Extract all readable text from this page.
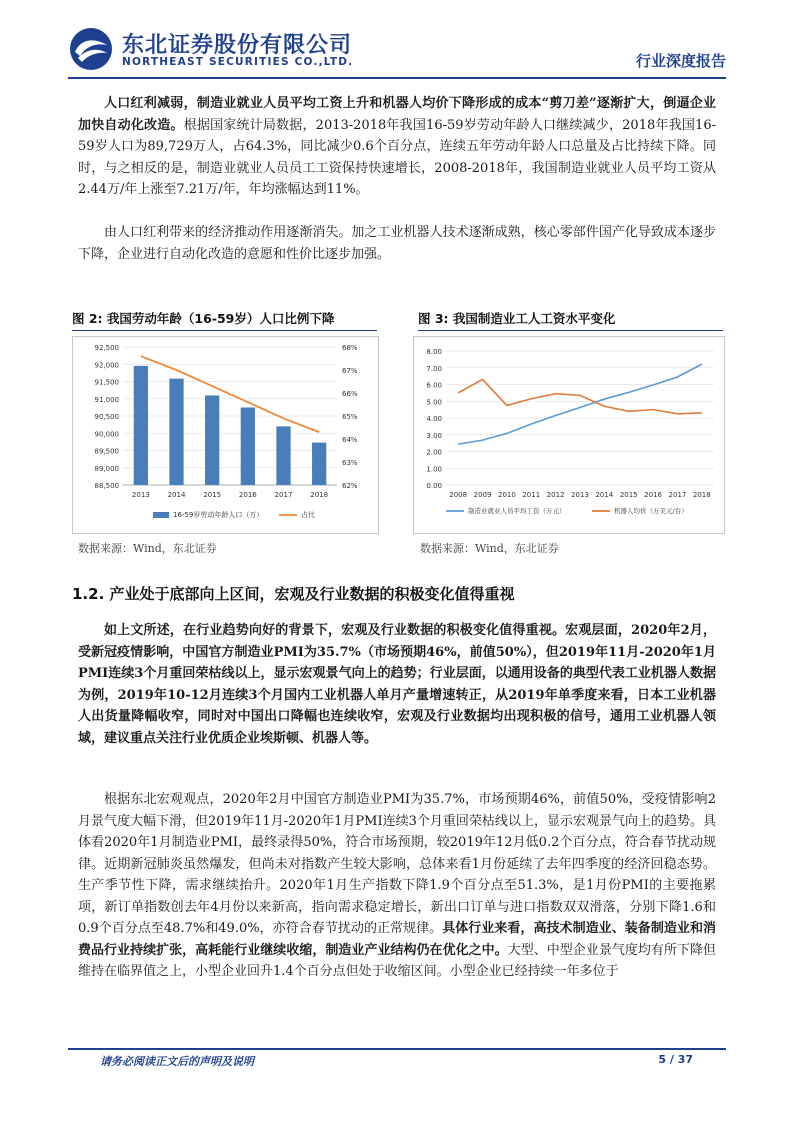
东北证券股份有限公司
NORTHEAST SECURITIES CO.,LTD.	行业深度报告

人口红利减弱，制造业就业人员平均工资上升和机器人均价下降形成的成本“剪刀差”逐渐扩大，倒逼企业加快自动化改造。根据国家统计局数据，2013-2018年我国16-59岁劳动年龄人口继续减少，2018年我国16-59岁人口为89,729万人，占64.3%，同比减少0.6个百分点，连续五年劳动年龄人口总量及占比持续下降。同时，与之相反的是，制造业就业人员员工工资保持快速增长，2008-2018年，我国制造业就业人员平均工资从2.44万/年上涨至7.21万/年，年均涨幅达到11%。

由人口红利带来的经济推动作用逐渐消失。加之工业机器人技术逐渐成熟，核心零部件国产化导致成本逐步下降，企业进行自动化改造的意愿和性价比逐步加强。

图 2: 我国劳动年龄（16-59岁）人口比例下降	图 3: 我国制造业工人工资水平变化
88,500
89,000
89,500
90,000
90,500
91,000
91,500
92,000
92,500
62%
63%
64%
65%
66%
67%
68%
2013	2014	2015	2016	2017	2018
16-59岁劳动年龄人口（万）	占比
0.00
1.00
2.00
3.00
4.00
5.00
6.00
7.00
8.00
2008 2009 2010 2011 2012 2013 2014 2015 2016 2017 2018
制造业就业人员平均工资（万元）	机器人均价（万美元/台）
数据来源：Wind，东北证券	数据来源：Wind，东北证券
1.2. 产业处于底部向上区间，宏观及行业数据的积极变化值得重视

如上文所述，在行业趋势向好的背景下，宏观及行业数据的积极变化值得重视。宏观层面，2020年2月，受新冠疫情影响，中国官方制造业PMI为35.7%（市场预期46%，前值50%），但2019年11月-2020年1月PMI连续3个月重回荣枯线以上，显示宏观景气向上的趋势；行业层面，以通用设备的典型代表工业机器人数据为例，2019年10-12月连续3个月国内工业机器人单月产量增速转正，从2019年单季度来看，日本工业机器人出货量降幅收窄，同时对中国出口降幅也连续收窄，宏观及行业数据均出现积极的信号，通用工业机器人领域，建议重点关注行业优质企业埃斯顿、机器人等。

根据东北宏观观点，2020年2月中国官方制造业PMI为35.7%，市场预期46%，前值50%，受疫情影响2月景气度大幅下滑，但2019年11月-2020年1月PMI连续3个月重回荣枯线以上，显示宏观景气向上的趋势。具体看2020年1月制造业PMI，最终录得50%，符合市场预期，较2019年12月低0.2个百分点，符合春节扰动规律。近期新冠肺炎虽然爆发，但尚未对指数产生较大影响，总体来看1月份延续了去年四季度的经济回稳态势。生产季节性下降，需求继续抬升。2020年1月生产指数下降1.9个百分点至51.3%，是1月份PMI的主要拖累项，新订单指数创去年4月份以来新高，指向需求稳定增长，新出口订单与进口指数双双滑落，分别下降1.6和0.9个百分点至48.7%和49.0%，亦符合春节扰动的正常规律。具体行业来看，高技术制造业、装备制造业和消费品行业持续扩张，高耗能行业继续收缩，制造业产业结构仍在优化之中。大型、中型企业景气度均有所下降但维持在临界值之上，小型企业回升1.4个百分点但处于收缩区间。小型企业已经持续一年多位于

请务必阅读正文后的声明及说明	5 / 37
